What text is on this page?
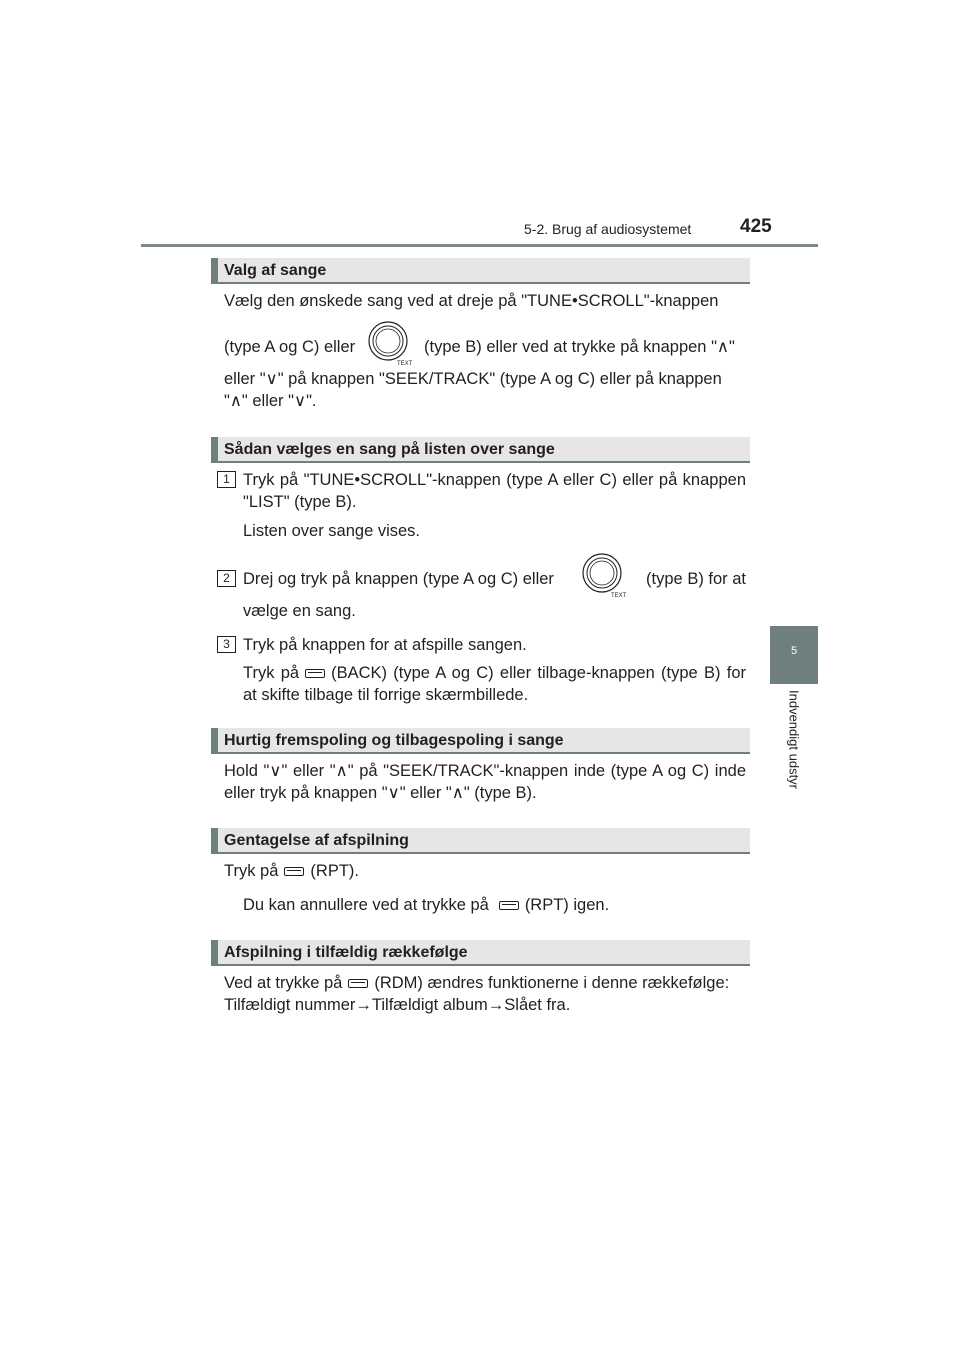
5-2. Brug af audiosystemet	425
5
Indvendigt udstyr
Valg af sange
Vælg den ønskede sang ved at dreje på "TUNE•SCROLL"-knappen
(type A og C) eller
TEXT
(type B) eller ved at trykke på knappen "∧"
eller "∨" på knappen "SEEK/TRACK" (type A og C) eller på knappen
"∧" eller "∨".
Sådan vælges en sang på listen over sange
1 Tryk på "TUNE•SCROLL"-knappen (type A eller C) eller på knappen "LIST" (type B).
Listen over sange vises.
2 Drej og tryk på knappen (type A og C) eller
TEXT
(type B) for at
vælge en sang.
3 Tryk på knappen for at afspille sangen.
Tryk på (BACK) (type A og C) eller tilbage-knappen (type B) for at skifte tilbage til forrige skærmbillede.
Hurtig fremspoling og tilbagespoling i sange
Hold "∨" eller "∧" på "SEEK/TRACK"-knappen inde (type A og C) inde eller tryk på knappen "∨" eller "∧" (type B).
Gentagelse af afspilning
Tryk på (RPT).
Du kan annullere ved at trykke på (RPT) igen.
Afspilning i tilfældig rækkefølge
Ved at trykke på (RDM) ændres funktionerne i denne rækkefølge:
Tilfældigt nummer→Tilfældigt album→Slået fra.
